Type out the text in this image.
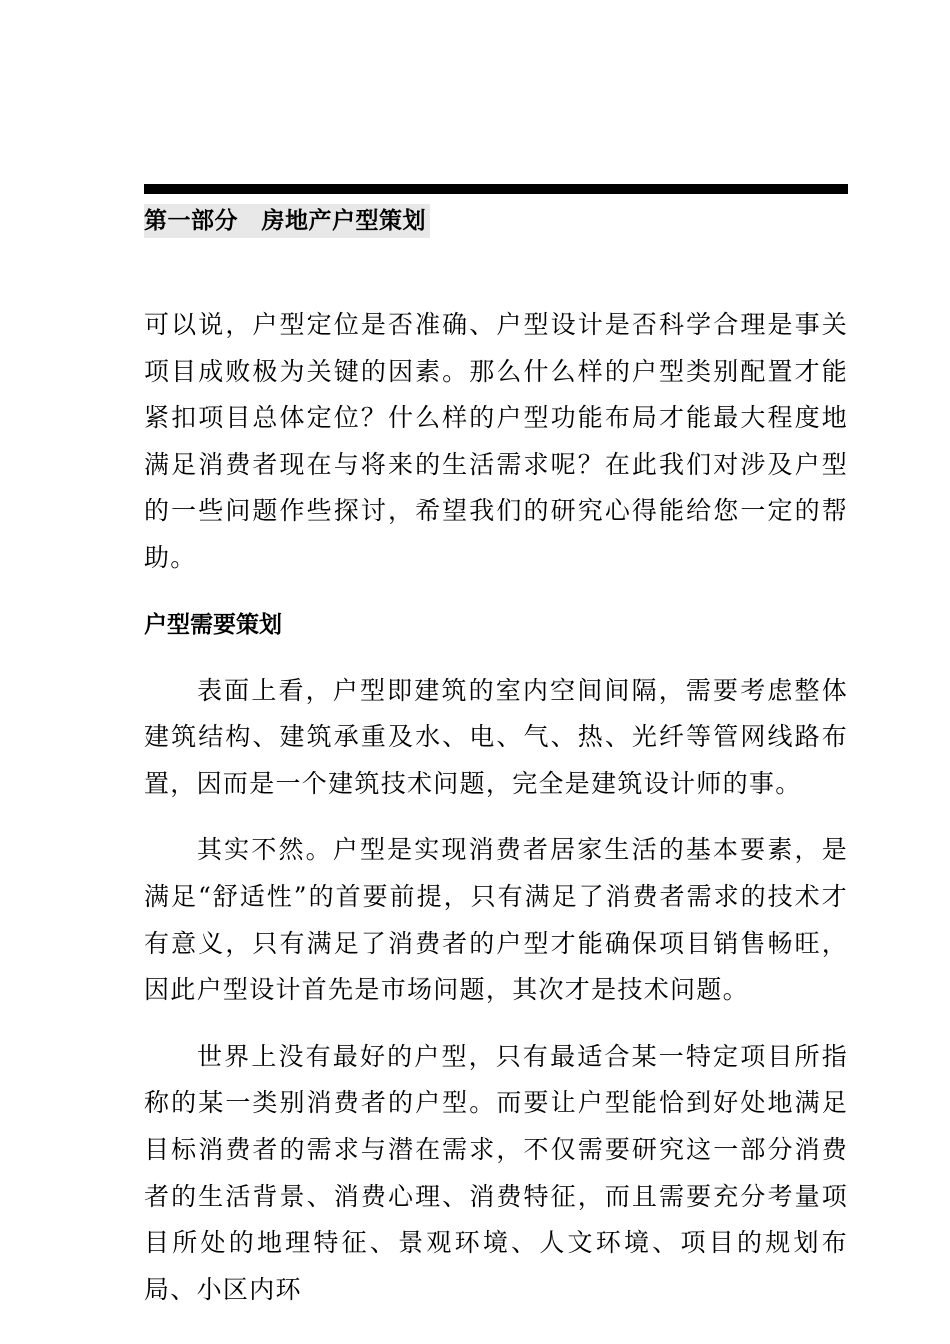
第一部分　房地产户型策划

可以说，户型定位是否准确、户型设计是否科学合理是事关项目成败极为关键的因素。那么什么样的户型类别配置才能紧扣项目总体定位？什么样的户型功能布局才能最大程度地满足消费者现在与将来的生活需求呢？在此我们对涉及户型的一些问题作些探讨，希望我们的研究心得能给您一定的帮助。

户型需要策划

表面上看，户型即建筑的室内空间间隔，需要考虑整体建筑结构、建筑承重及水、电、气、热、光纤等管网线路布置，因而是一个建筑技术问题，完全是建筑设计师的事。

其实不然。户型是实现消费者居家生活的基本要素，是满足“舒适性”的首要前提，只有满足了消费者需求的技术才有意义，只有满足了消费者的户型才能确保项目销售畅旺，因此户型设计首先是市场问题，其次才是技术问题。

世界上没有最好的户型，只有最适合某一特定项目所指称的某一类别消费者的户型。而要让户型能恰到好处地满足目标消费者的需求与潜在需求，不仅需要研究这一部分消费者的生活背景、消费心理、消费特征，而且需要充分考量项目所处的地理特征、景观环境、人文环境、项目的规划布局、小区内环
